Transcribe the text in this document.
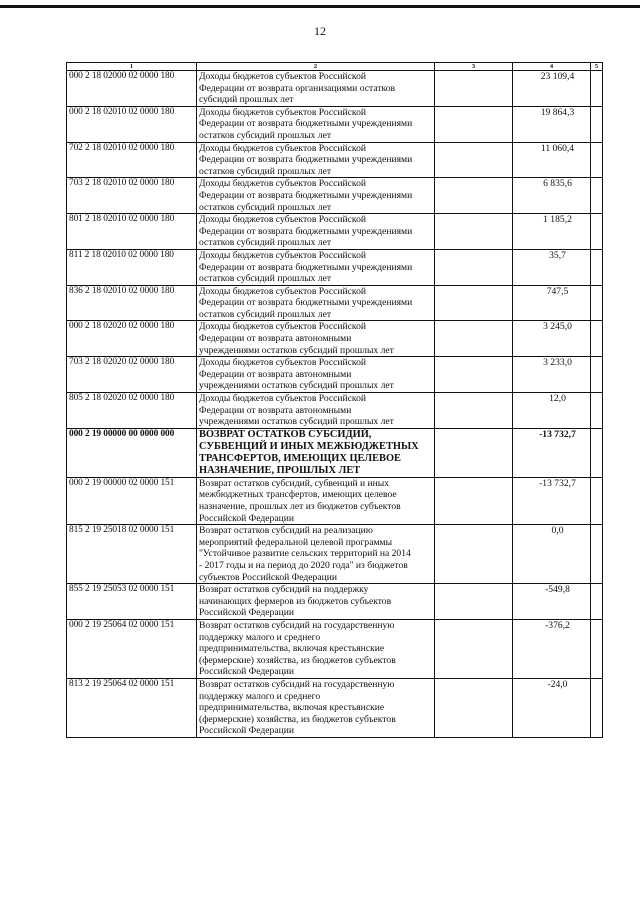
12
1	2	3	4	5
000 2 18 02000 02 0000 180	Доходы бюджетов субъектов Российской
Федерации от возврата организациями остатков
субсидий прошлых лет		23 109,4	
000 2 18 02010 02 0000 180	Доходы бюджетов субъектов Российской
Федерации от возврата бюджетными учреждениями
остатков субсидий прошлых лет		19 864,3	
702 2 18 02010 02 0000 180	Доходы бюджетов субъектов Российской
Федерации от возврата бюджетными учреждениями
остатков субсидий прошлых лет		11 060,4	
703 2 18 02010 02 0000 180	Доходы бюджетов субъектов Российской
Федерации от возврата бюджетными учреждениями
остатков субсидий прошлых лет		6 835,6	
801 2 18 02010 02 0000 180	Доходы бюджетов субъектов Российской
Федерации от возврата бюджетными учреждениями
остатков субсидий прошлых лет		1 185,2	
811 2 18 02010 02 0000 180	Доходы бюджетов субъектов Российской
Федерации от возврата бюджетными учреждениями
остатков субсидий прошлых лет		35,7	
836 2 18 02010 02 0000 180	Доходы бюджетов субъектов Российской
Федерации от возврата бюджетными учреждениями
остатков субсидий прошлых лет		747,5	
000 2 18 02020 02 0000 180	Доходы бюджетов субъектов Российской
Федерации от возврата автономными
учреждениями остатков субсидий прошлых лет		3 245,0	
703 2 18 02020 02 0000 180	Доходы бюджетов субъектов Российской
Федерации от возврата автономными
учреждениями остатков субсидий прошлых лет		3 233,0	
805 2 18 02020 02 0000 180	Доходы бюджетов субъектов Российской
Федерации от возврата автономными
учреждениями остатков субсидий прошлых лет		12,0	
000 2 19 00000 00 0000 000	ВОЗВРАТ ОСТАТКОВ СУБСИДИЙ,
СУБВЕНЦИЙ И ИНЫХ МЕЖБЮДЖЕТНЫХ
ТРАНСФЕРТОВ, ИМЕЮЩИХ ЦЕЛЕВОЕ
НАЗНАЧЕНИЕ, ПРОШЛЫХ ЛЕТ		-13 732,7	
000 2 19 00000 02 0000 151	Возврат остатков субсидий, субвенций и иных
межбюджетных трансфертов, имеющих целевое
назначение, прошлых лет из бюджетов субъектов
Российской Федерации		-13 732,7	
815 2 19 25018 02 0000 151	Возврат остатков субсидий на реализацию
мероприятий федеральной целевой программы
"Устойчивое развитие сельских территорий на 2014
- 2017 годы и на период до 2020 года" из бюджетов
субъектов Российской Федерации		0,0	
855 2 19 25053 02 0000 151	Возврат остатков субсидий на поддержку
начинающих фермеров из бюджетов субъектов
Российской Федерации		-549,8	
000 2 19 25064 02 0000 151	Возврат остатков субсидий на государственную
поддержку малого и среднего
предпринимательства, включая крестьянские
(фермерские) хозяйства, из бюджетов субъектов
Российской Федерации		-376,2	
813 2 19 25064 02 0000 151	Возврат остатков субсидий на государственную
поддержку малого и среднего
предпринимательства, включая крестьянские
(фермерские) хозяйства, из бюджетов субъектов
Российской Федерации		-24,0	
